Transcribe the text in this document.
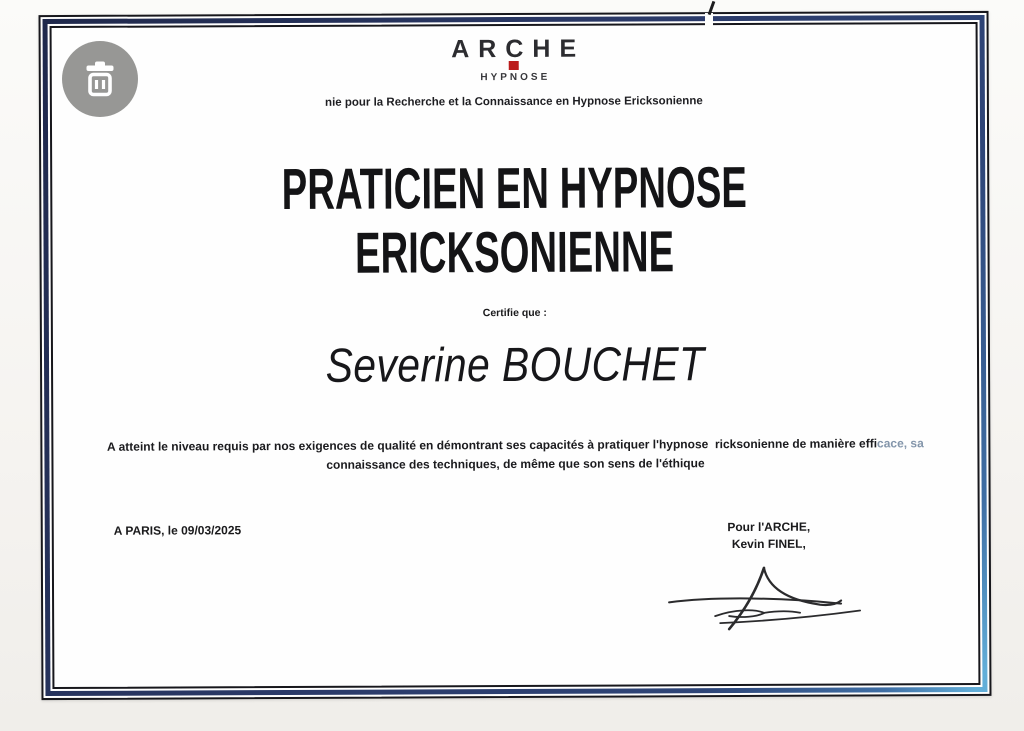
ARCHE
HYPNOSE
nie pour la Recherche et la Connaissance en Hypnose Ericksonienne
PRATICIEN EN HYPNOSE
ERICKSONIENNE
Certifie que :
Severine BOUCHET
A atteint le niveau requis par nos exigences de qualité en démontrant ses capacités à pratiquer l'hypnose  ricksonienne de manière efficace, sa
connaissance des techniques, de même que son sens de l'éthique
A PARIS, le 09/03/2025	Pour l'ARCHE,
Kevin FINEL,
